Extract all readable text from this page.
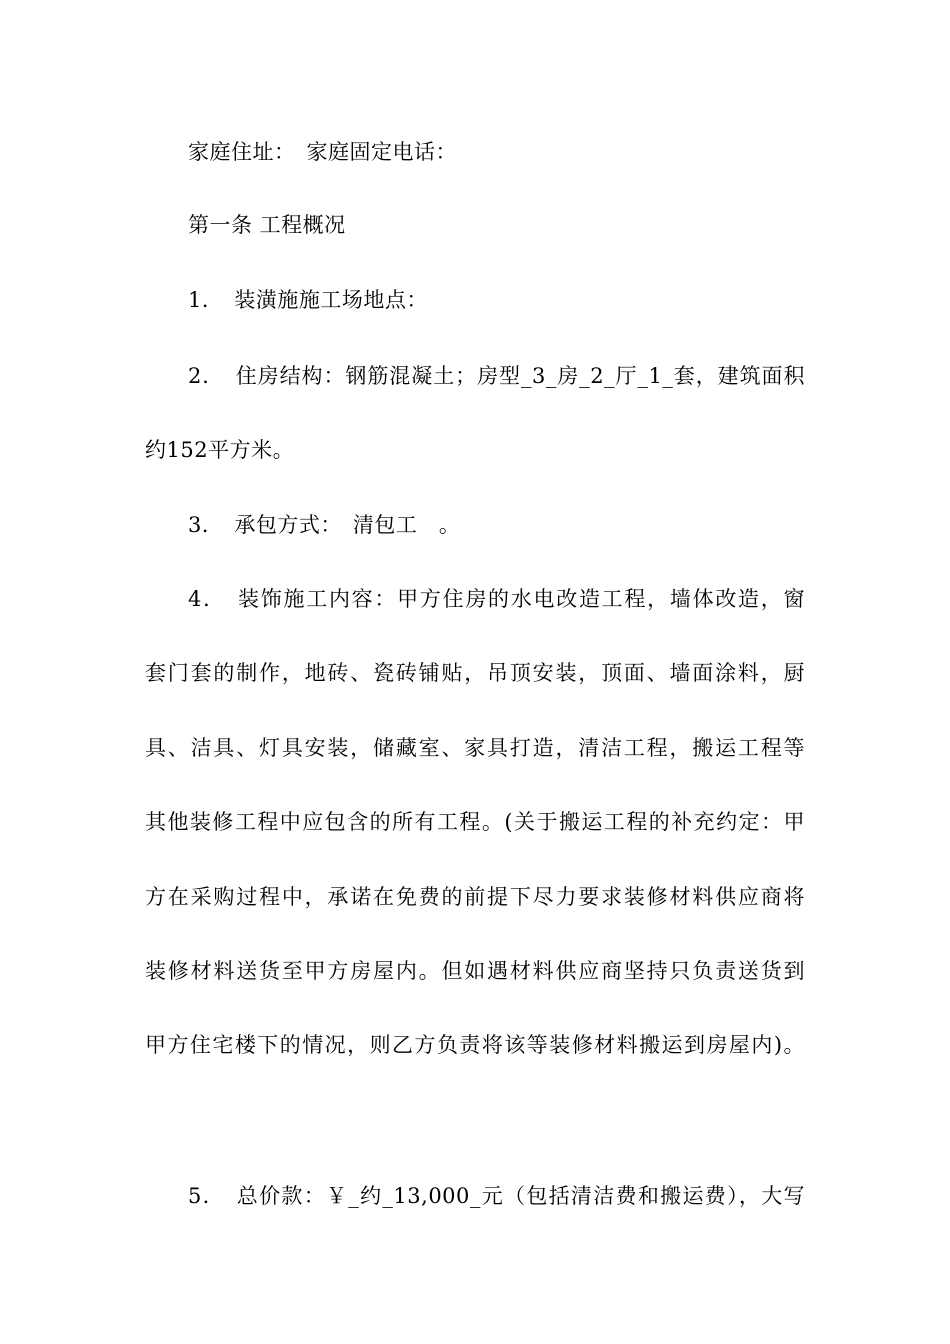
家庭住址：　家庭固定电话：
第一条 工程概况
1．　装潢施施工场地点：
2．　住房结构：钢筋混凝土；房型_3_房_2_厅_1_套，建筑面积
约152平方米。
3．　承包方式：　清包工　。
4．　装饰施工内容：甲方住房的水电改造工程，墙体改造，窗
套门套的制作，地砖、瓷砖铺贴，吊顶安装，顶面、墙面涂料，厨
具、洁具、灯具安装，储藏室、家具打造，清洁工程，搬运工程等
其他装修工程中应包含的所有工程。(关于搬运工程的补充约定：甲
方在采购过程中，承诺在免费的前提下尽力要求装修材料供应商将
装修材料送货至甲方房屋内。但如遇材料供应商坚持只负责送货到
甲方住宅楼下的情况，则乙方负责将该等装修材料搬运到房屋内)。
5．　总价款：￥_约_13,000_元（包括清洁费和搬运费），大写
